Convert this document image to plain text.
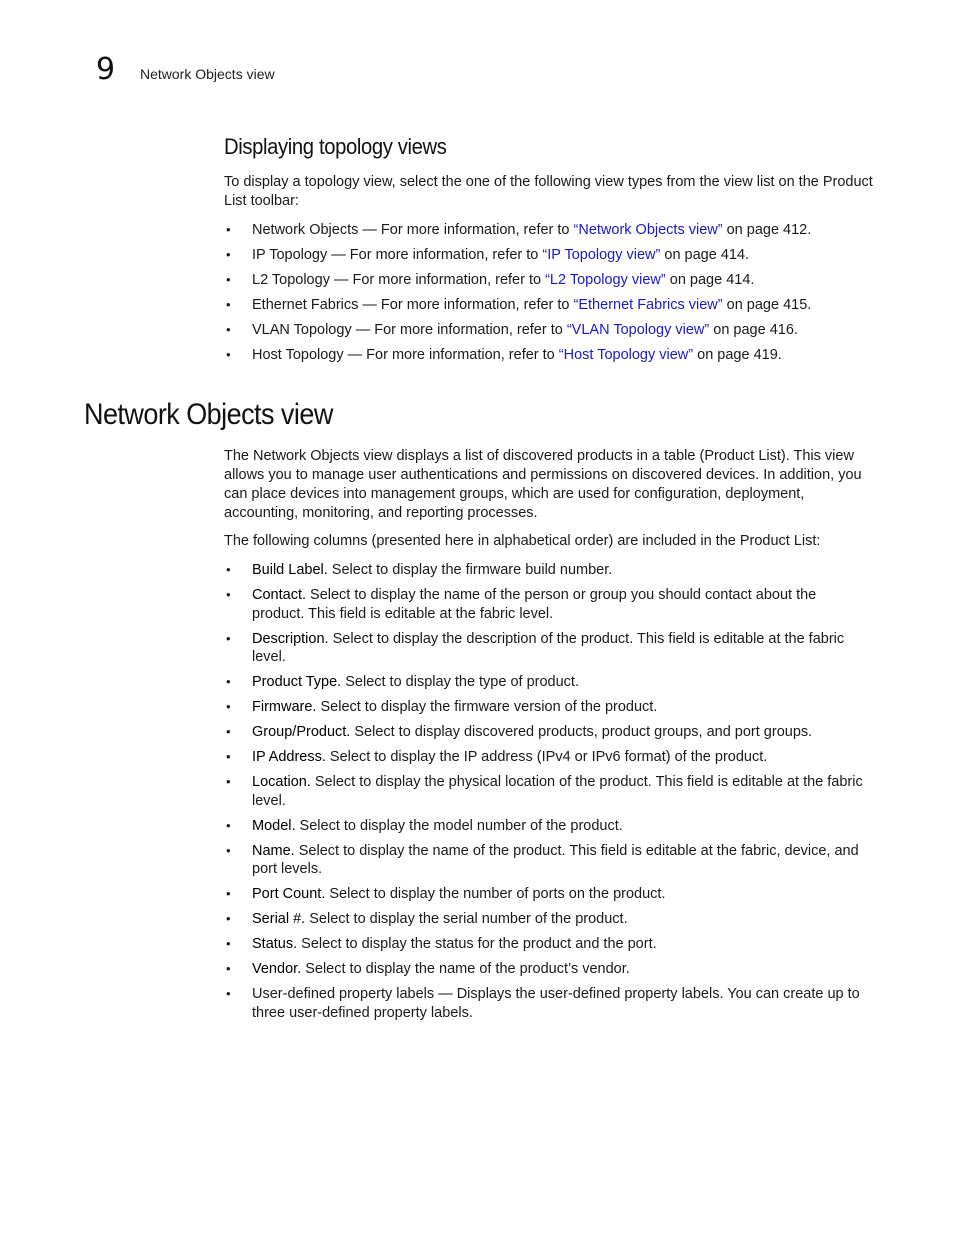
9 Network Objects view
Displaying topology views

To display a topology view, select the one of the following view types from the view list on the Product List toolbar:

• Network Objects — For more information, refer to “Network Objects view” on page 412.
• IP Topology — For more information, refer to “IP Topology view” on page 414.
• L2 Topology — For more information, refer to “L2 Topology view” on page 414.
• Ethernet Fabrics — For more information, refer to “Ethernet Fabrics view” on page 415.
• VLAN Topology — For more information, refer to “VLAN Topology view” on page 416.
• Host Topology — For more information, refer to “Host Topology view” on page 419.
Network Objects view

The Network Objects view displays a list of discovered products in a table (Product List). This view allows you to manage user authentications and permissions on discovered devices. In addition, you can place devices into management groups, which are used for configuration, deployment, accounting, monitoring, and reporting processes.

The following columns (presented here in alphabetical order) are included in the Product List:

• Build Label. Select to display the firmware build number.
• Contact. Select to display the name of the person or group you should contact about the product. This field is editable at the fabric level.
• Description. Select to display the description of the product. This field is editable at the fabric level.
• Product Type. Select to display the type of product.
• Firmware. Select to display the firmware version of the product.
• Group/Product. Select to display discovered products, product groups, and port groups.
• IP Address. Select to display the IP address (IPv4 or IPv6 format) of the product.
• Location. Select to display the physical location of the product. This field is editable at the fabric level.
• Model. Select to display the model number of the product.
• Name. Select to display the name of the product. This field is editable at the fabric, device, and port levels.
• Port Count. Select to display the number of ports on the product.
• Serial #. Select to display the serial number of the product.
• Status. Select to display the status for the product and the port.
• Vendor. Select to display the name of the product’s vendor.
• User-defined property labels — Displays the user-defined property labels. You can create up to three user-defined property labels.
